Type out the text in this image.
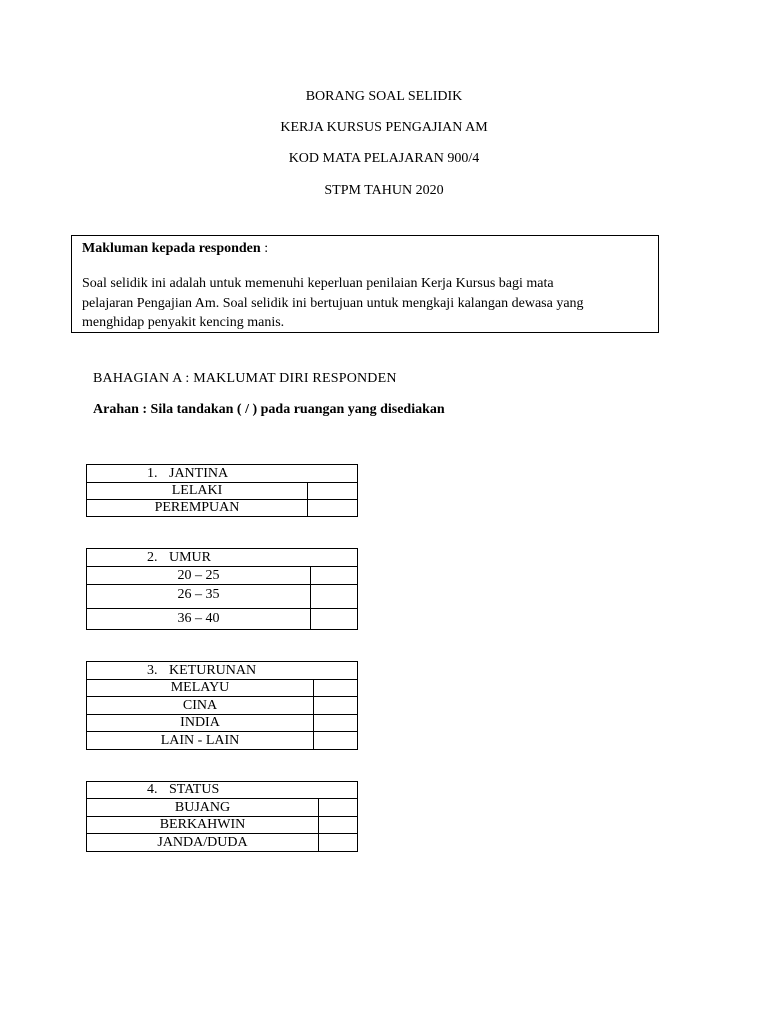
BORANG SOAL SELIDIK
KERJA KURSUS PENGAJIAN AM
KOD MATA PELAJARAN 900/4
STPM TAHUN 2020

Makluman kepada responden :

Soal selidik ini adalah untuk memenuhi keperluan penilaian Kerja Kursus bagi mata
pelajaran Pengajian Am. Soal selidik ini bertujuan untuk mengkaji kalangan dewasa yang
menghidap penyakit kencing manis.

BAHAGIAN A : MAKLUMAT DIRI RESPONDEN
Arahan : Sila tandakan ( / ) pada ruangan yang disediakan
1. JANTINA	

LELAKI	
PEREMPUAN	
2. UMUR	

20 – 25	
26 – 35	
36 – 40	
3. KETURUNAN	

MELAYU	
CINA	
INDIA	
LAIN - LAIN	
4. STATUS	

BUJANG	
BERKAHWIN	
JANDA/DUDA	
